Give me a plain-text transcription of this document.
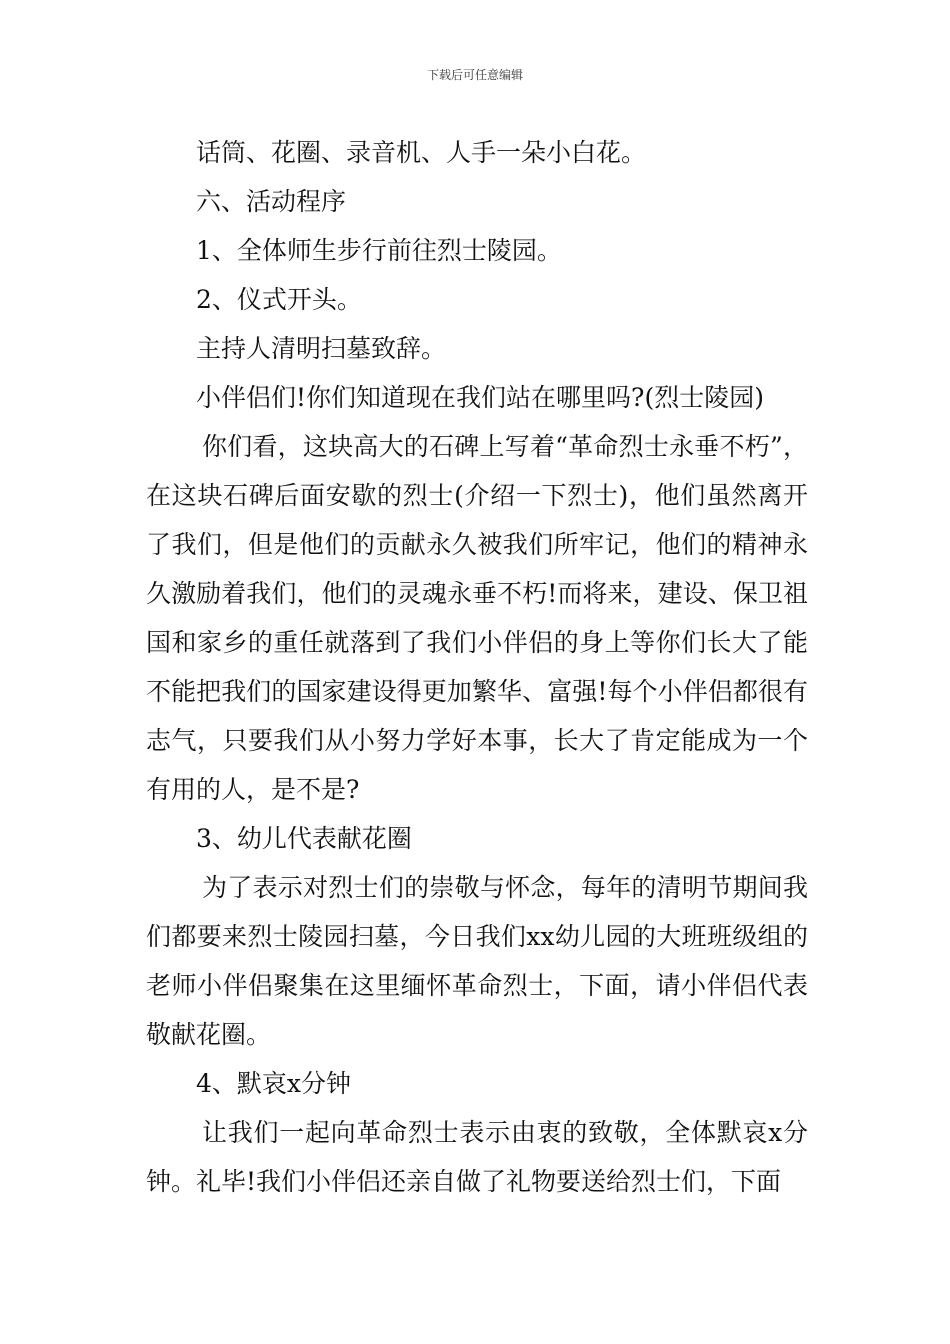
下载后可任意编辑
话筒、花圈、录音机、人手一朵小白花。
六、活动程序
1、全体师生步行前往烈士陵园。
2、仪式开头。
主持人清明扫墓致辞。
小伴侣们!你们知道现在我们站在哪里吗?(烈士陵园)
你们看，这块高大的石碑上写着“革命烈士永垂不朽”，在这块石碑后面安歇的烈士(介绍一下烈士)，他们虽然离开了我们，但是他们的贡献永久被我们所牢记，他们的精神永久激励着我们，他们的灵魂永垂不朽!而将来，建设、保卫祖国和家乡的重任就落到了我们小伴侣的身上等你们长大了能不能把我们的国家建设得更加繁华、富强!每个小伴侣都很有志气，只要我们从小努力学好本事，长大了肯定能成为一个有用的人，是不是?
3、幼儿代表献花圈
为了表示对烈士们的崇敬与怀念，每年的清明节期间我们都要来烈士陵园扫墓，今日我们xx幼儿园的大班班级组的老师小伴侣聚集在这里缅怀革命烈士，下面，请小伴侣代表敬献花圈。
4、默哀x分钟
让我们一起向革命烈士表示由衷的致敬，全体默哀x分钟。礼毕!我们小伴侣还亲自做了礼物要送给烈士们，下面
